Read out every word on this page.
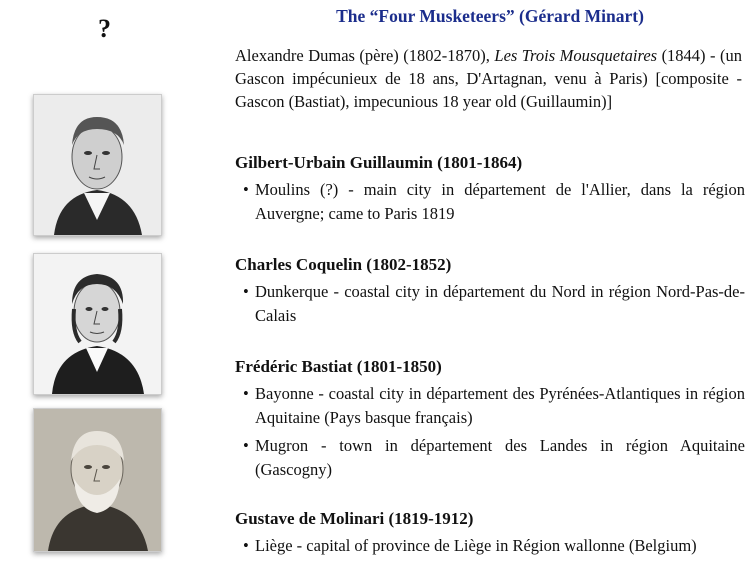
?	The “Four Musketeers” (Gérard Minart)
Alexandre Dumas (père) (1802-1870), Les Trois Mousquetaires (1844) - (un Gascon impécunieux de 18 ans, D'Artagnan, venu à Paris) [composite - Gascon (Bastiat), impecunious 18 year old (Guillaumin)]

Gilbert-Urbain Guillaumin (1801-1864)

• Moulins (?) - main city in département de l'Allier, dans la région Auvergne; came to Paris 1819

Charles Coquelin (1802-1852)

• Dunkerque - coastal city in département du Nord in région Nord-Pas-de-Calais

Frédéric Bastiat (1801-1850)

• Bayonne - coastal city in département des Pyrénées-Atlantiques in région Aquitaine (Pays basque français)
• Mugron - town in département des Landes in région Aquitaine (Gascogny)

Gustave de Molinari (1819-1912)

• Liège - capital of province de Liège in Région wallonne (Belgium)
